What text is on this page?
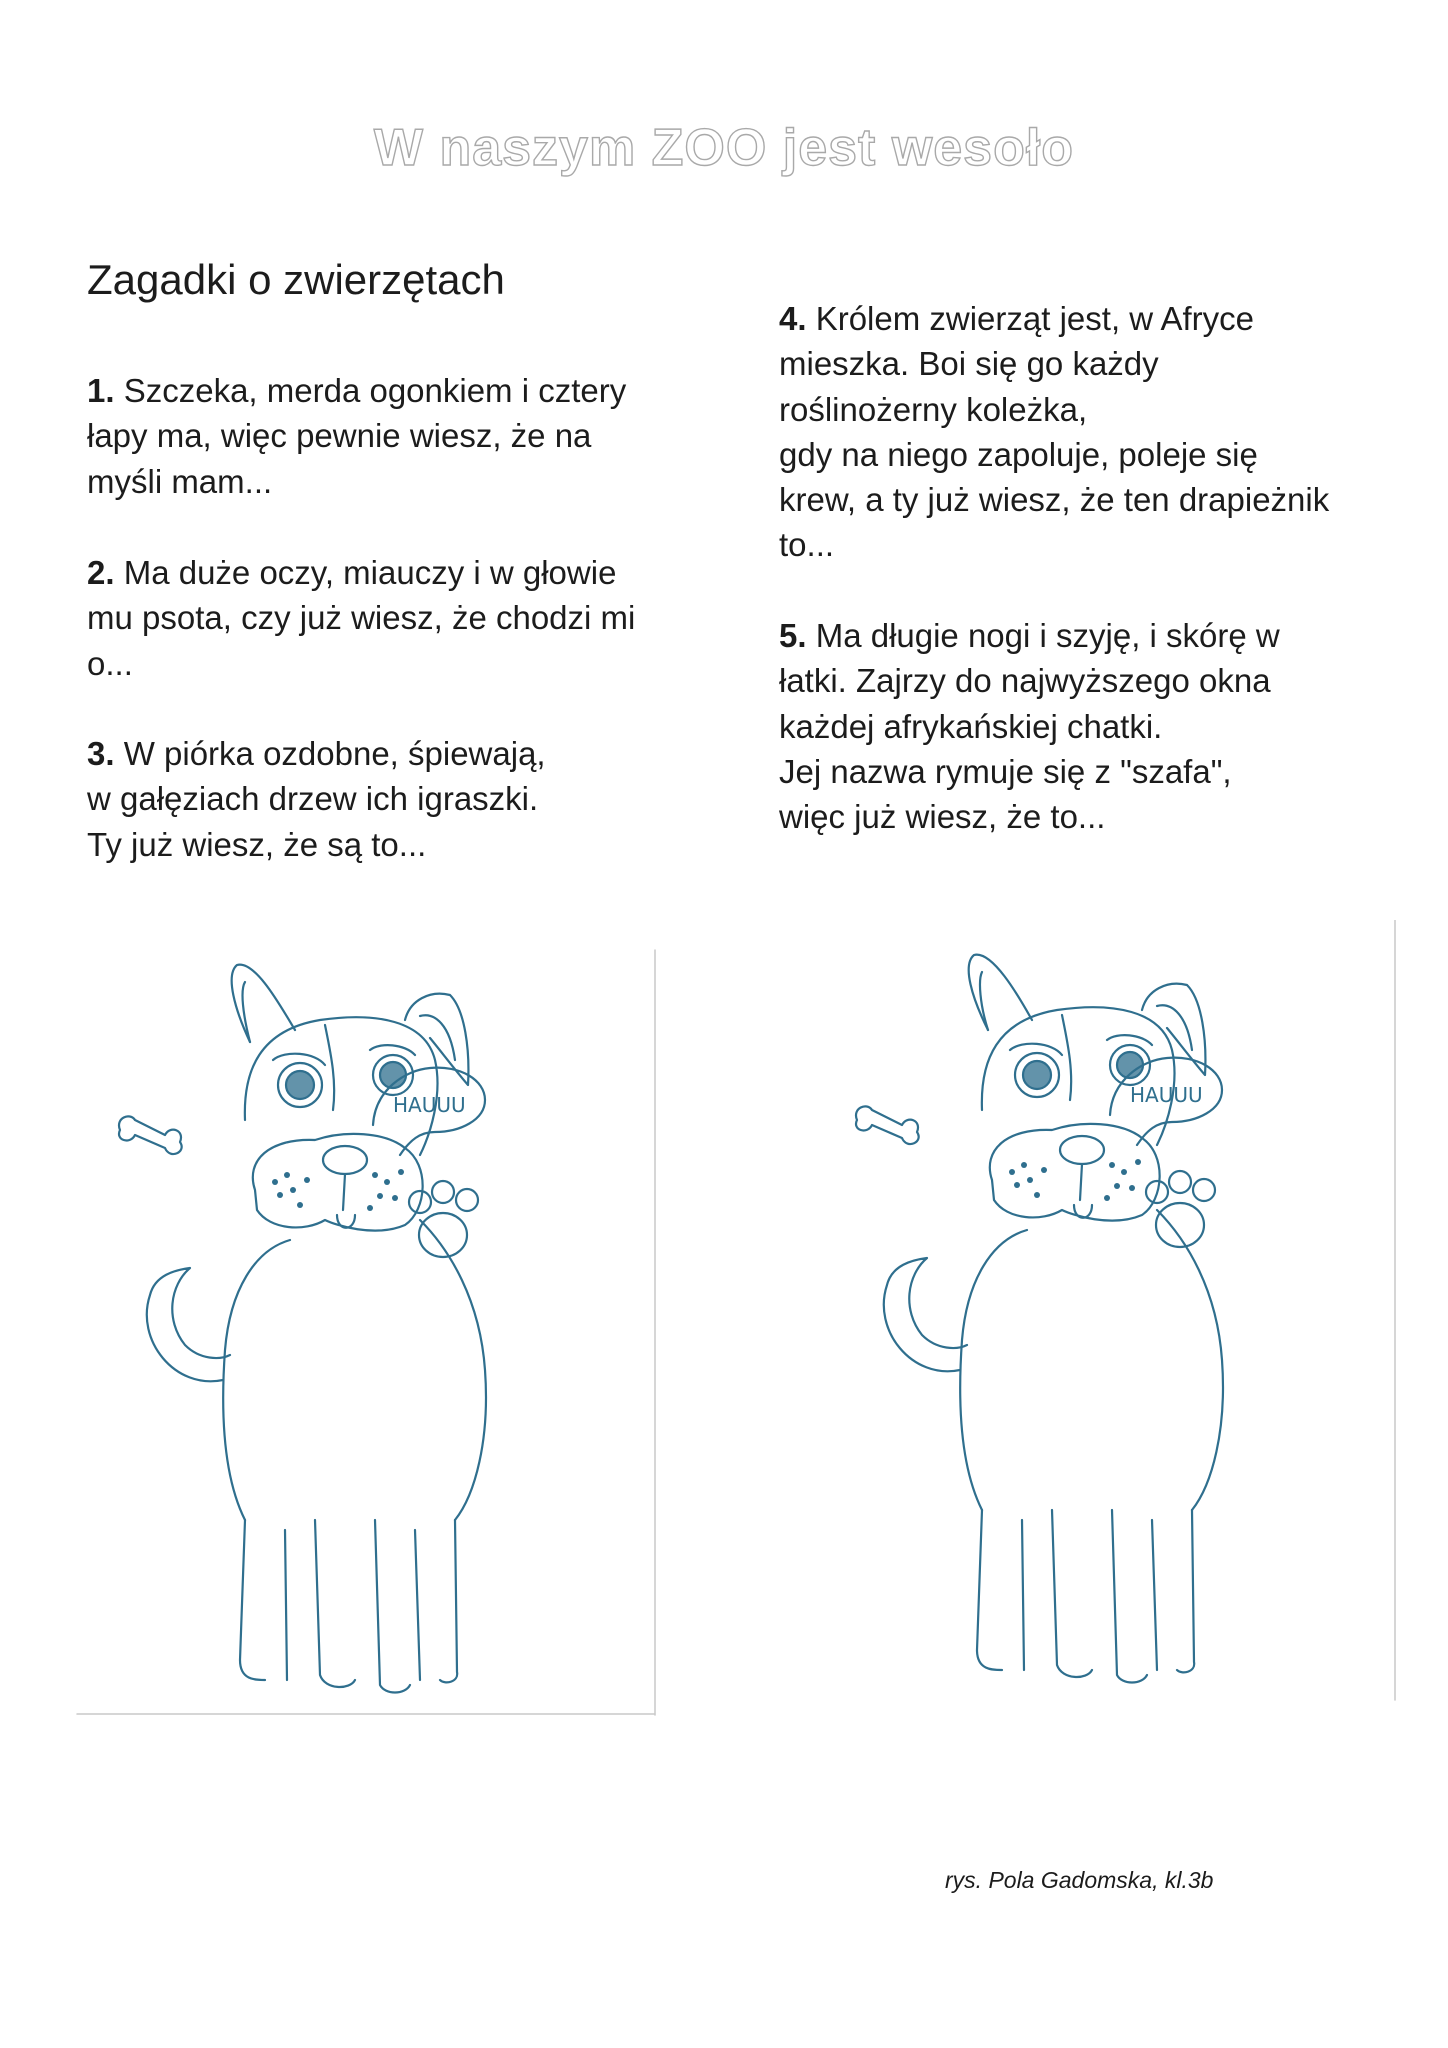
W naszym ZOO jest wesoło
Zagadki o zwierzętach
1. Szczeka, merda ogonkiem i cztery
łapy ma, więc pewnie wiesz, że na
myśli mam...
2. Ma duże oczy, miauczy i w głowie
mu psota, czy już wiesz, że chodzi mi
o...
3. W piórka ozdobne, śpiewają,
w gałęziach drzew ich igraszki.
Ty już wiesz, że są to...
4. Królem zwierząt jest, w Afryce
mieszka. Boi się go każdy
roślinożerny koleżka,
gdy na niego zapoluje, poleje się
krew, a ty już wiesz, że ten drapieżnik
to...
5. Ma długie nogi i szyję, i skórę w
łatki. Zajrzy do najwyższego okna
każdej afrykańskiej chatki.
Jej nazwa rymuje się z "szafa",
więc już wiesz, że to...
HAUUU	HAUUU

rys. Pola Gadomska, kl.3b
